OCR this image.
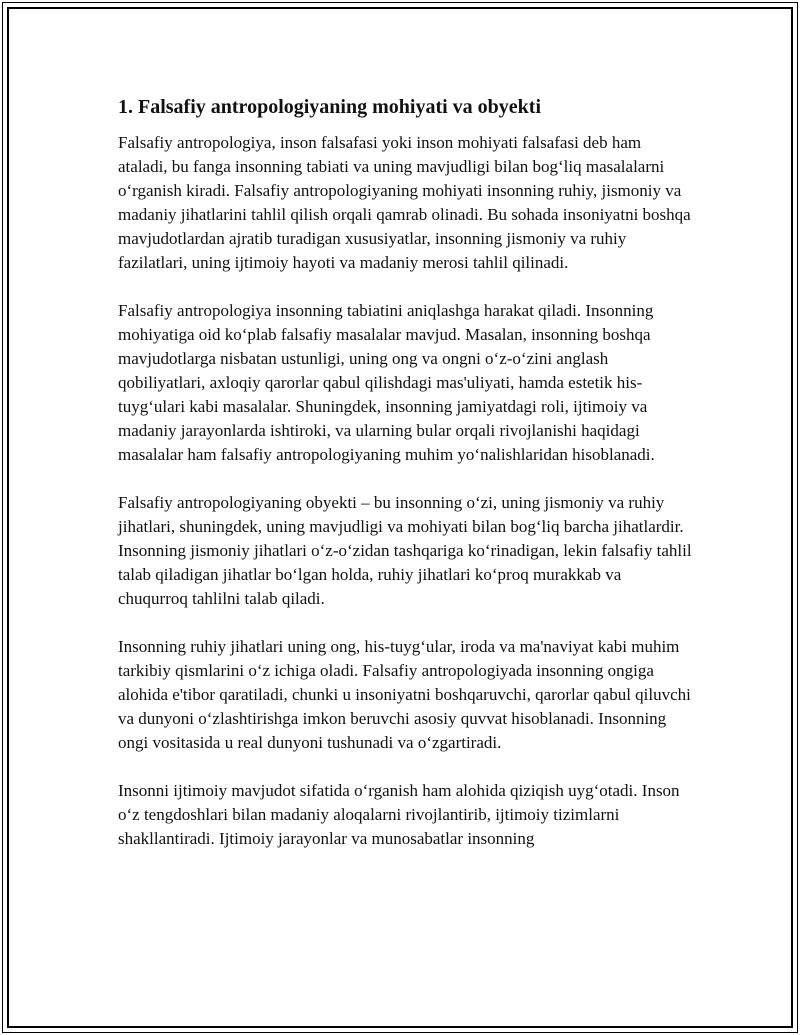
1. Falsafiy antropologiyaning mohiyati va obyekti

Falsafiy antropologiya, inson falsafasi yoki inson mohiyati falsafasi deb ham ataladi, bu fanga insonning tabiati va uning mavjudligi bilan bog‘liq masalalarni o‘rganish kiradi. Falsafiy antropologiyaning mohiyati insonning ruhiy, jismoniy va madaniy jihatlarini tahlil qilish orqali qamrab olinadi. Bu sohada insoniyatni boshqa mavjudotlardan ajratib turadigan xususiyatlar, insonning jismoniy va ruhiy fazilatlari, uning ijtimoiy hayoti va madaniy merosi tahlil qilinadi.

Falsafiy antropologiya insonning tabiatini aniqlashga harakat qiladi. Insonning mohiyatiga oid ko‘plab falsafiy masalalar mavjud. Masalan, insonning boshqa mavjudotlarga nisbatan ustunligi, uning ong va ongni o‘z-o‘zini anglash qobiliyatlari, axloqiy qarorlar qabul qilishdagi mas'uliyati, hamda estetik his-tuyg‘ulari kabi masalalar. Shuningdek, insonning jamiyatdagi roli, ijtimoiy va madaniy jarayonlarda ishtiroki, va ularning bular orqali rivojlanishi haqidagi masalalar ham falsafiy antropologiyaning muhim yo‘nalishlaridan hisoblanadi.

Falsafiy antropologiyaning obyekti – bu insonning o‘zi, uning jismoniy va ruhiy jihatlari, shuningdek, uning mavjudligi va mohiyati bilan bog‘liq barcha jihatlardir. Insonning jismoniy jihatlari o‘z-o‘zidan tashqariga ko‘rinadigan, lekin falsafiy tahlil talab qiladigan jihatlar bo‘lgan holda, ruhiy jihatlari ko‘proq murakkab va chuqurroq tahlilni talab qiladi.

Insonning ruhiy jihatlari uning ong, his-tuyg‘ular, iroda va ma'naviyat kabi muhim tarkibiy qismlarini o‘z ichiga oladi. Falsafiy antropologiyada insonning ongiga alohida e'tibor qaratiladi, chunki u insoniyatni boshqaruvchi, qarorlar qabul qiluvchi va dunyoni o‘zlashtirishga imkon beruvchi asosiy quvvat hisoblanadi. Insonning ongi vositasida u real dunyoni tushunadi va o‘zgartiradi.

Insonni ijtimoiy mavjudot sifatida o‘rganish ham alohida qiziqish uyg‘otadi. Inson o‘z tengdoshlari bilan madaniy aloqalarni rivojlantirib, ijtimoiy tizimlarni shakllantiradi. Ijtimoiy jarayonlar va munosabatlar insonning
